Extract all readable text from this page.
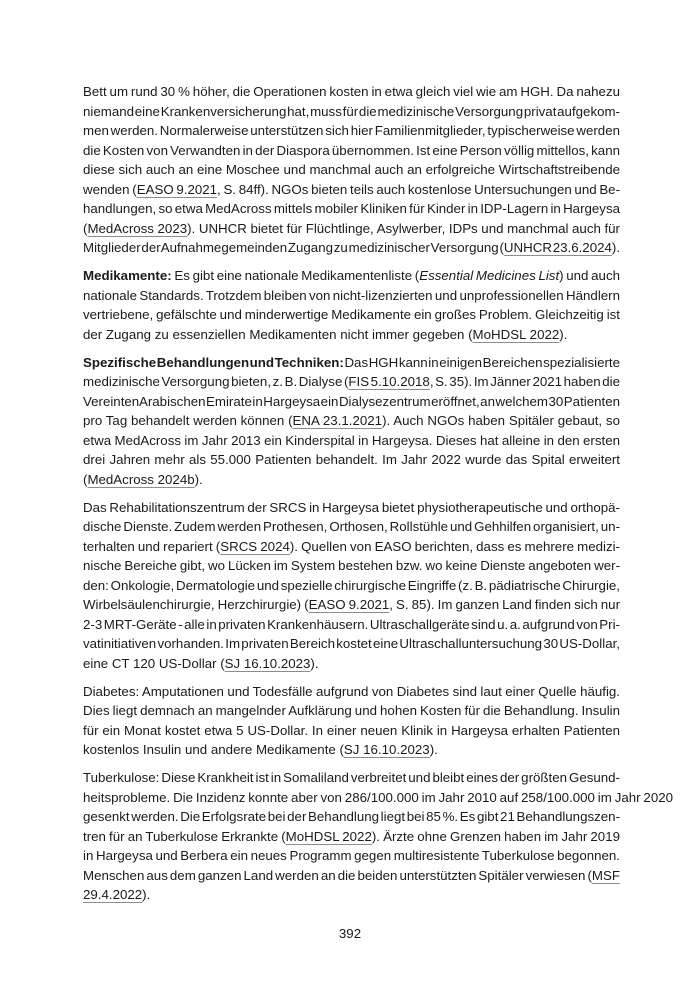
Bett um rund 30 % höher, die Operationen kosten in etwa gleich viel wie am HGH. Da nahezu
niemand eine Krankenversicherung hat, muss für die medizinische Versorgung privat aufgekom-
men werden. Normalerweise unterstützen sich hier Familienmitglieder, typischerweise werden
die Kosten von Verwandten in der Diaspora übernommen. Ist eine Person völlig mittellos, kann
diese sich auch an eine Moschee und manchmal auch an erfolgreiche Wirtschaftstreibende
wenden (EASO 9.2021, S. 84ff). NGOs bieten teils auch kostenlose Untersuchungen und Be-
handlungen, so etwa MedAcross mittels mobiler Kliniken für Kinder in IDP-Lagern in Hargeysa
(MedAcross 2023). UNHCR bietet für Flüchtlinge, Asylwerber, IDPs und manchmal auch für
Mitglieder der Aufnahmegemeinden Zugang zu medizinischer Versorgung (UNHCR 23.6.2024).
Medikamente: Es gibt eine nationale Medikamentenliste (Essential Medicines List) und auch
nationale Standards. Trotzdem bleiben von nicht-lizenzierten und unprofessionellen Händlern
vertriebene, gefälschte und minderwertige Medikamente ein großes Problem. Gleichzeitig ist
der Zugang zu essenziellen Medikamenten nicht immer gegeben (MoHDSL 2022).
Spezifische Behandlungen und Techniken: Das HGH kann in einigen Bereichen spezialisierte
medizinische Versorgung bieten, z. B. Dialyse (FIS 5.10.2018, S. 35). Im Jänner 2021 haben die
Vereinten Arabischen Emirate in Hargeysa ein Dialysezentrum eröffnet, an welchem 30 Patienten
pro Tag behandelt werden können (ENA 23.1.2021). Auch NGOs haben Spitäler gebaut, so
etwa MedAcross im Jahr 2013 ein Kinderspital in Hargeysa. Dieses hat alleine in den ersten
drei Jahren mehr als 55.000 Patienten behandelt. Im Jahr 2022 wurde das Spital erweitert
(MedAcross 2024b).
Das Rehabilitationszentrum der SRCS in Hargeysa bietet physiotherapeutische und orthopä-
dische Dienste. Zudem werden Prothesen, Orthosen, Rollstühle und Gehhilfen organisiert, un-
terhalten und repariert (SRCS 2024). Quellen von EASO berichten, dass es mehrere medizi-
nische Bereiche gibt, wo Lücken im System bestehen bzw. wo keine Dienste angeboten wer-
den: Onkologie, Dermatologie und spezielle chirurgische Eingriffe (z. B. pädiatrische Chirurgie,
Wirbelsäulenchirurgie, Herzchirurgie) (EASO 9.2021, S. 85). Im ganzen Land finden sich nur
2-3 MRT-Geräte - alle in privaten Krankenhäusern. Ultraschallgeräte sind u. a. aufgrund von Pri-
vatinitiativen vorhanden. Im privaten Bereich kostet eine Ultraschalluntersuchung 30 US-Dollar,
eine CT 120 US-Dollar (SJ 16.10.2023).
Diabetes: Amputationen und Todesfälle aufgrund von Diabetes sind laut einer Quelle häufig.
Dies liegt demnach an mangelnder Aufklärung und hohen Kosten für die Behandlung. Insulin
für ein Monat kostet etwa 5 US-Dollar. In einer neuen Klinik in Hargeysa erhalten Patienten
kostenlos Insulin und andere Medikamente (SJ 16.10.2023).
Tuberkulose: Diese Krankheit ist in Somaliland verbreitet und bleibt eines der größten Gesund-
heitsprobleme. Die Inzidenz konnte aber von 286/100.000 im Jahr 2010 auf 258/100.000 im Jahr 2020
gesenkt werden. Die Erfolgsrate bei der Behandlung liegt bei 85 %. Es gibt 21 Behandlungszen-
tren für an Tuberkulose Erkrankte (MoHDSL 2022). Ärzte ohne Grenzen haben im Jahr 2019
in Hargeysa und Berbera ein neues Programm gegen multiresistente Tuberkulose begonnen.
Menschen aus dem ganzen Land werden an die beiden unterstützten Spitäler verwiesen (MSF
29.4.2022).
392
